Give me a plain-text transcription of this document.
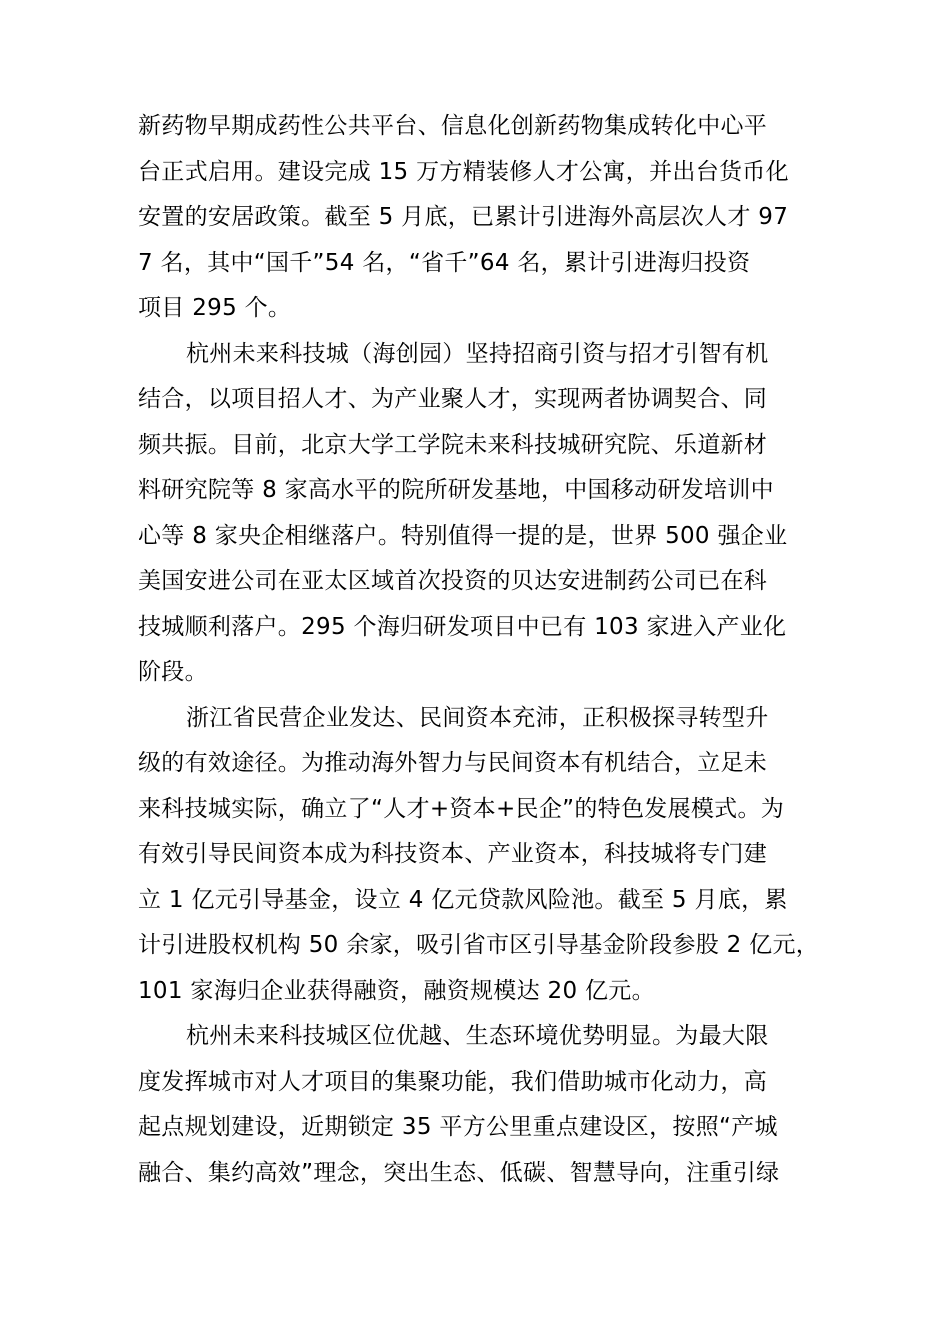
新药物早期成药性公共平台、信息化创新药物集成转化中心平
台正式启用。建设完成 15 万方精装修人才公寓，并出台货币化
安置的安居政策。截至 5 月底，已累计引进海外高层次人才 97
7 名，其中“国千”54 名，“省千”64 名，累计引进海归投资
项目 295 个。

杭州未来科技城（海创园）坚持招商引资与招才引智有机
结合，以项目招人才、为产业聚人才，实现两者协调契合、同
频共振。目前，北京大学工学院未来科技城研究院、乐道新材
料研究院等 8 家高水平的院所研发基地，中国移动研发培训中
心等 8 家央企相继落户。特别值得一提的是，世界 500 强企业
美国安进公司在亚太区域首次投资的贝达安进制药公司已在科
技城顺利落户。295 个海归研发项目中已有 103 家进入产业化
阶段。

浙江省民营企业发达、民间资本充沛，正积极探寻转型升
级的有效途径。为推动海外智力与民间资本有机结合，立足未
来科技城实际，确立了“人才+资本+民企”的特色发展模式。为
有效引导民间资本成为科技资本、产业资本，科技城将专门建
立 1 亿元引导基金，设立 4 亿元贷款风险池。截至 5 月底，累
计引进股权机构 50 余家，吸引省市区引导基金阶段参股 2 亿元，
101 家海归企业获得融资，融资规模达 20 亿元。

杭州未来科技城区位优越、生态环境优势明显。为最大限
度发挥城市对人才项目的集聚功能，我们借助城市化动力，高
起点规划建设，近期锁定 35 平方公里重点建设区，按照“产城
融合、集约高效”理念，突出生态、低碳、智慧导向，注重引绿
